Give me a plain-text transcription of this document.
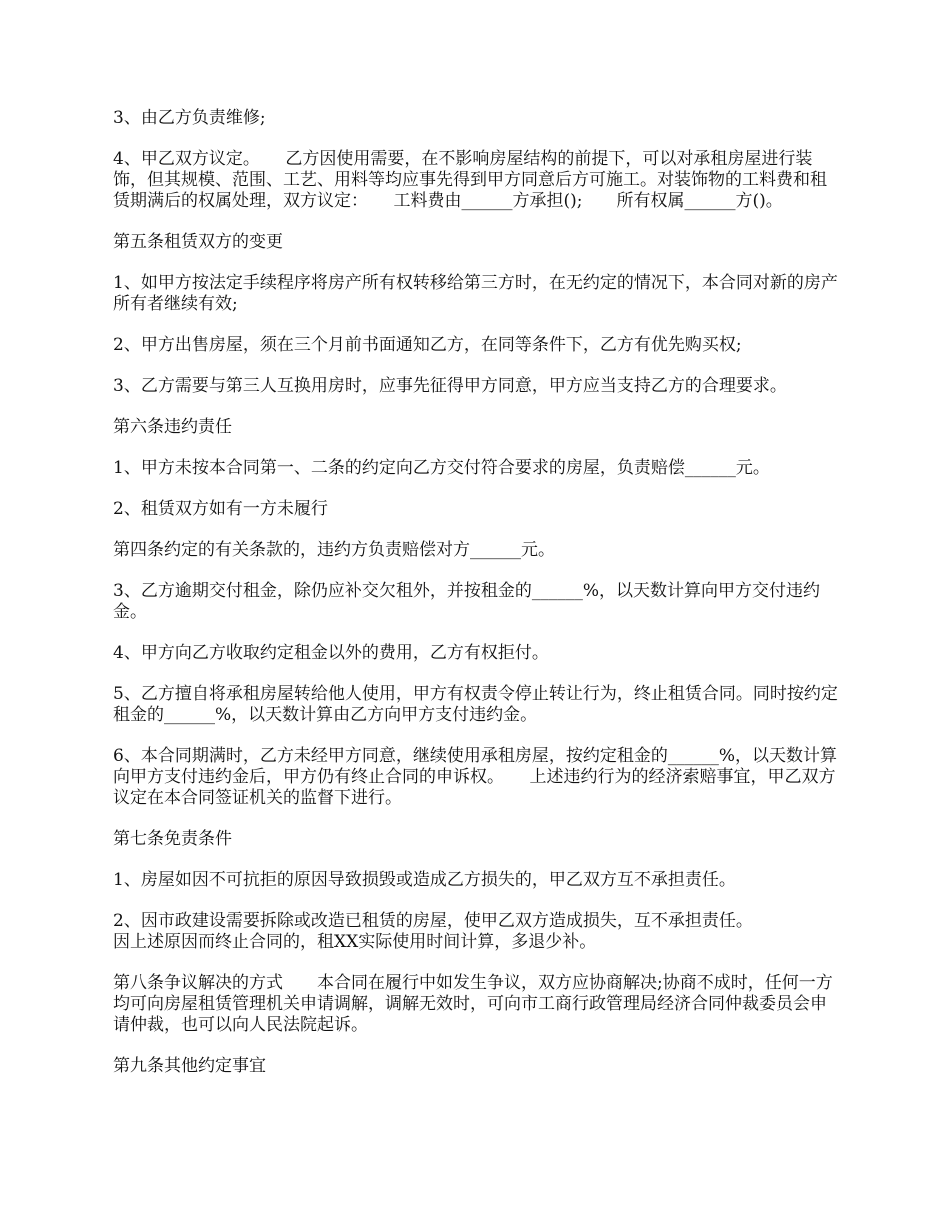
3、由乙方负责维修;

4、甲乙双方议定。　　乙方因使用需要，在不影响房屋结构的前提下，可以对承租房屋进行装饰，但其规模、范围、工艺、用料等均应事先得到甲方同意后方可施工。对装饰物的工料费和租赁期满后的权属处理，双方议定：　　工料费由______方承担();　　所有权属______方()。

第五条租赁双方的变更

1、如甲方按法定手续程序将房产所有权转移给第三方时，在无约定的情况下，本合同对新的房产所有者继续有效;

2、甲方出售房屋，须在三个月前书面通知乙方，在同等条件下，乙方有优先购买权;

3、乙方需要与第三人互换用房时，应事先征得甲方同意，甲方应当支持乙方的合理要求。

第六条违约责任

1、甲方未按本合同第一、二条的约定向乙方交付符合要求的房屋，负责赔偿______元。

2、租赁双方如有一方未履行

第四条约定的有关条款的，违约方负责赔偿对方______元。

3、乙方逾期交付租金，除仍应补交欠租外，并按租金的______%，以天数计算向甲方交付违约金。

4、甲方向乙方收取约定租金以外的费用，乙方有权拒付。

5、乙方擅自将承租房屋转给他人使用，甲方有权责令停止转让行为，终止租赁合同。同时按约定租金的______%，以天数计算由乙方向甲方支付违约金。

6、本合同期满时，乙方未经甲方同意，继续使用承租房屋，按约定租金的______%，以天数计算向甲方支付违约金后，甲方仍有终止合同的申诉权。　　上述违约行为的经济索赔事宜，甲乙双方议定在本合同签证机关的监督下进行。

第七条免责条件

1、房屋如因不可抗拒的原因导致损毁或造成乙方损失的，甲乙双方互不承担责任。

2、因市政建设需要拆除或改造已租赁的房屋，使甲乙双方造成损失，互不承担责任。
因上述原因而终止合同的，租XX实际使用时间计算，多退少补。

第八条争议解决的方式　　本合同在履行中如发生争议，双方应协商解决;协商不成时，任何一方均可向房屋租赁管理机关申请调解，调解无效时，可向市工商行政管理局经济合同仲裁委员会申请仲裁，也可以向人民法院起诉。

第九条其他约定事宜
